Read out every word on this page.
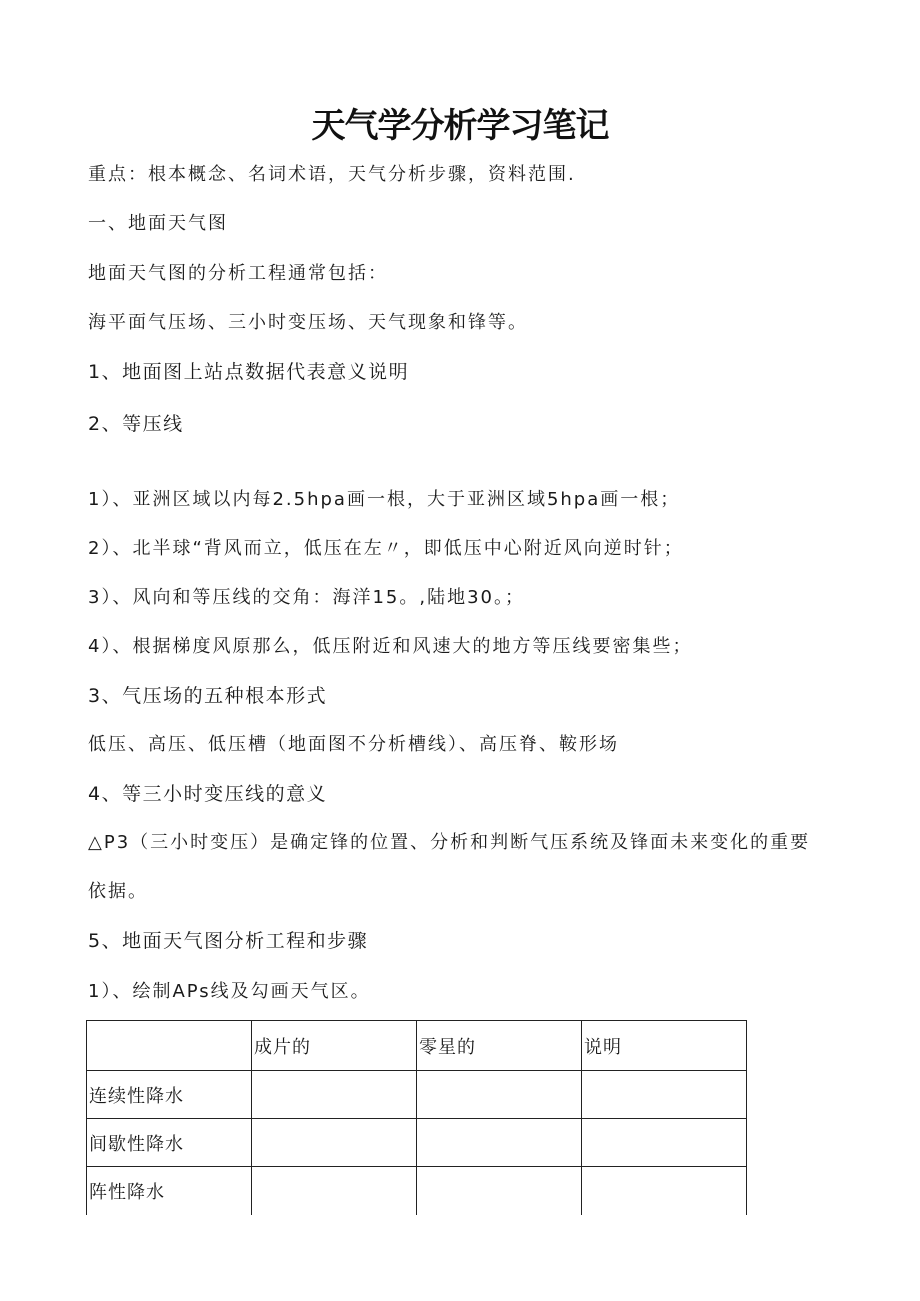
天气学分析学习笔记
重点：根本概念、名词术语，天气分析步骤，资料范围.
一、地面天气图
地面天气图的分析工程通常包括：
海平面气压场、三小时变压场、天气现象和锋等。
1、地面图上站点数据代表意义说明
2、等压线
1）、亚洲区域以内每2.5hpa画一根，大于亚洲区域5hpa画一根；
2）、北半球“背风而立，低压在左〃，即低压中心附近风向逆时针；
3）、风向和等压线的交角：海洋15。,陆地30。；
4）、根据梯度风原那么，低压附近和风速大的地方等压线要密集些；
3、气压场的五种根本形式
低压、高压、低压槽（地面图不分析槽线）、高压脊、鞍形场
4、等三小时变压线的意义
△P3（三小时变压）是确定锋的位置、分析和判断气压系统及锋面未来变化的重要
依据。
5、地面天气图分析工程和步骤
1）、绘制APs线及勾画天气区。
	成片的	零星的	说明
连续性降水			
间歇性降水			
阵性降水			
